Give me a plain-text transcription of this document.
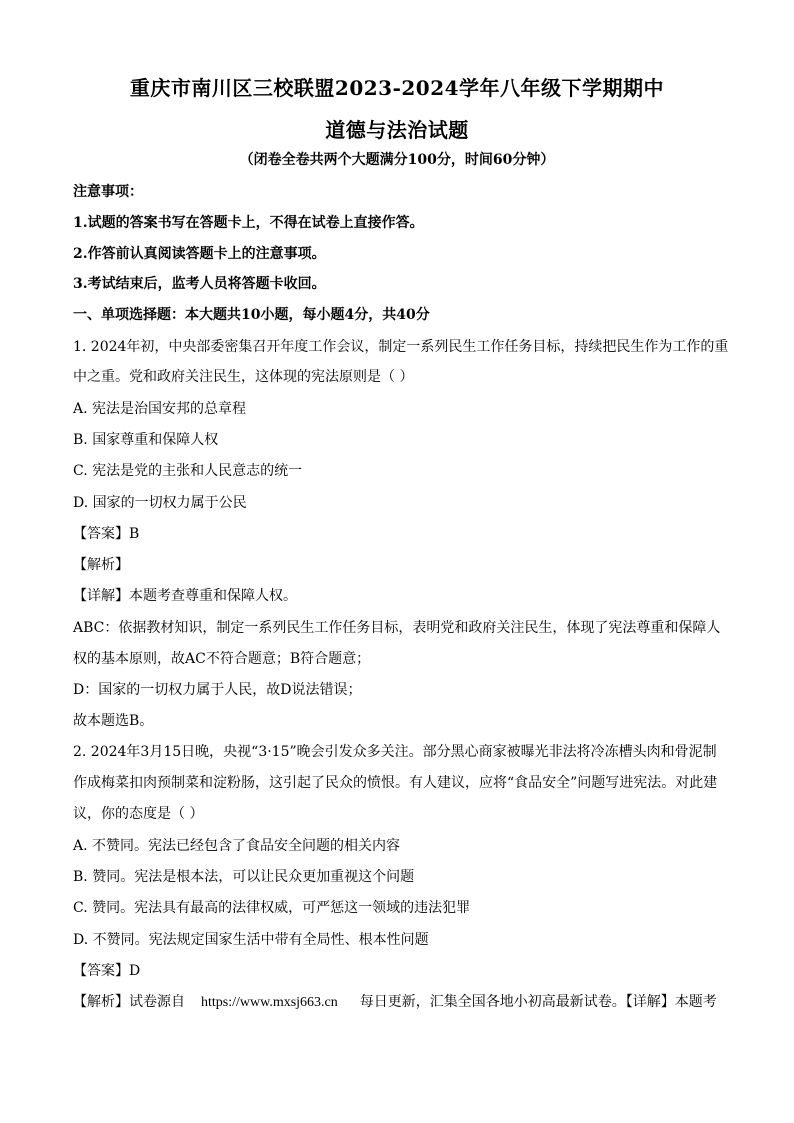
重庆市南川区三校联盟2023-2024学年八年级下学期期中
道德与法治试题
（闭卷全卷共两个大题满分100分，时间60分钟）
注意事项：
1.试题的答案书写在答题卡上，不得在试卷上直接作答。
2.作答前认真阅读答题卡上的注意事项。
3.考试结束后，监考人员将答题卡收回。
一、单项选择题：本大题共10小题，每小题4分，共40分
1. 2024年初，中央部委密集召开年度工作会议，制定一系列民生工作任务目标，持续把民生作为工作的重
中之重。党和政府关注民生，这体现的宪法原则是（ ）
A. 宪法是治国安邦的总章程
B. 国家尊重和保障人权
C. 宪法是党的主张和人民意志的统一
D. 国家的一切权力属于公民
【答案】B
【解析】
【详解】本题考查尊重和保障人权。
ABC：依据教材知识，制定一系列民生工作任务目标，表明党和政府关注民生，体现了宪法尊重和保障人
权的基本原则，故AC不符合题意；B符合题意；
D：国家的一切权力属于人民，故D说法错误；
故本题选B。
2. 2024年3月15日晚，央视“3·15”晚会引发众多关注。部分黑心商家被曝光非法将冷冻槽头肉和骨泥制
作成梅菜扣肉预制菜和淀粉肠，这引起了民众的愤恨。有人建议，应将“食品安全”问题写进宪法。对此建
议，你的态度是（ ）
A. 不赞同。宪法已经包含了食品安全问题的相关内容
B. 赞同。宪法是根本法，可以让民众更加重视这个问题
C. 赞同。宪法具有最高的法律权威，可严惩这一领域的违法犯罪
D. 不赞同。宪法规定国家生活中带有全局性、根本性问题
【答案】D
【解析】试卷源自 https://www.mxsj663.cn 每日更新，汇集全国各地小初高最新试卷。【详解】本题考
